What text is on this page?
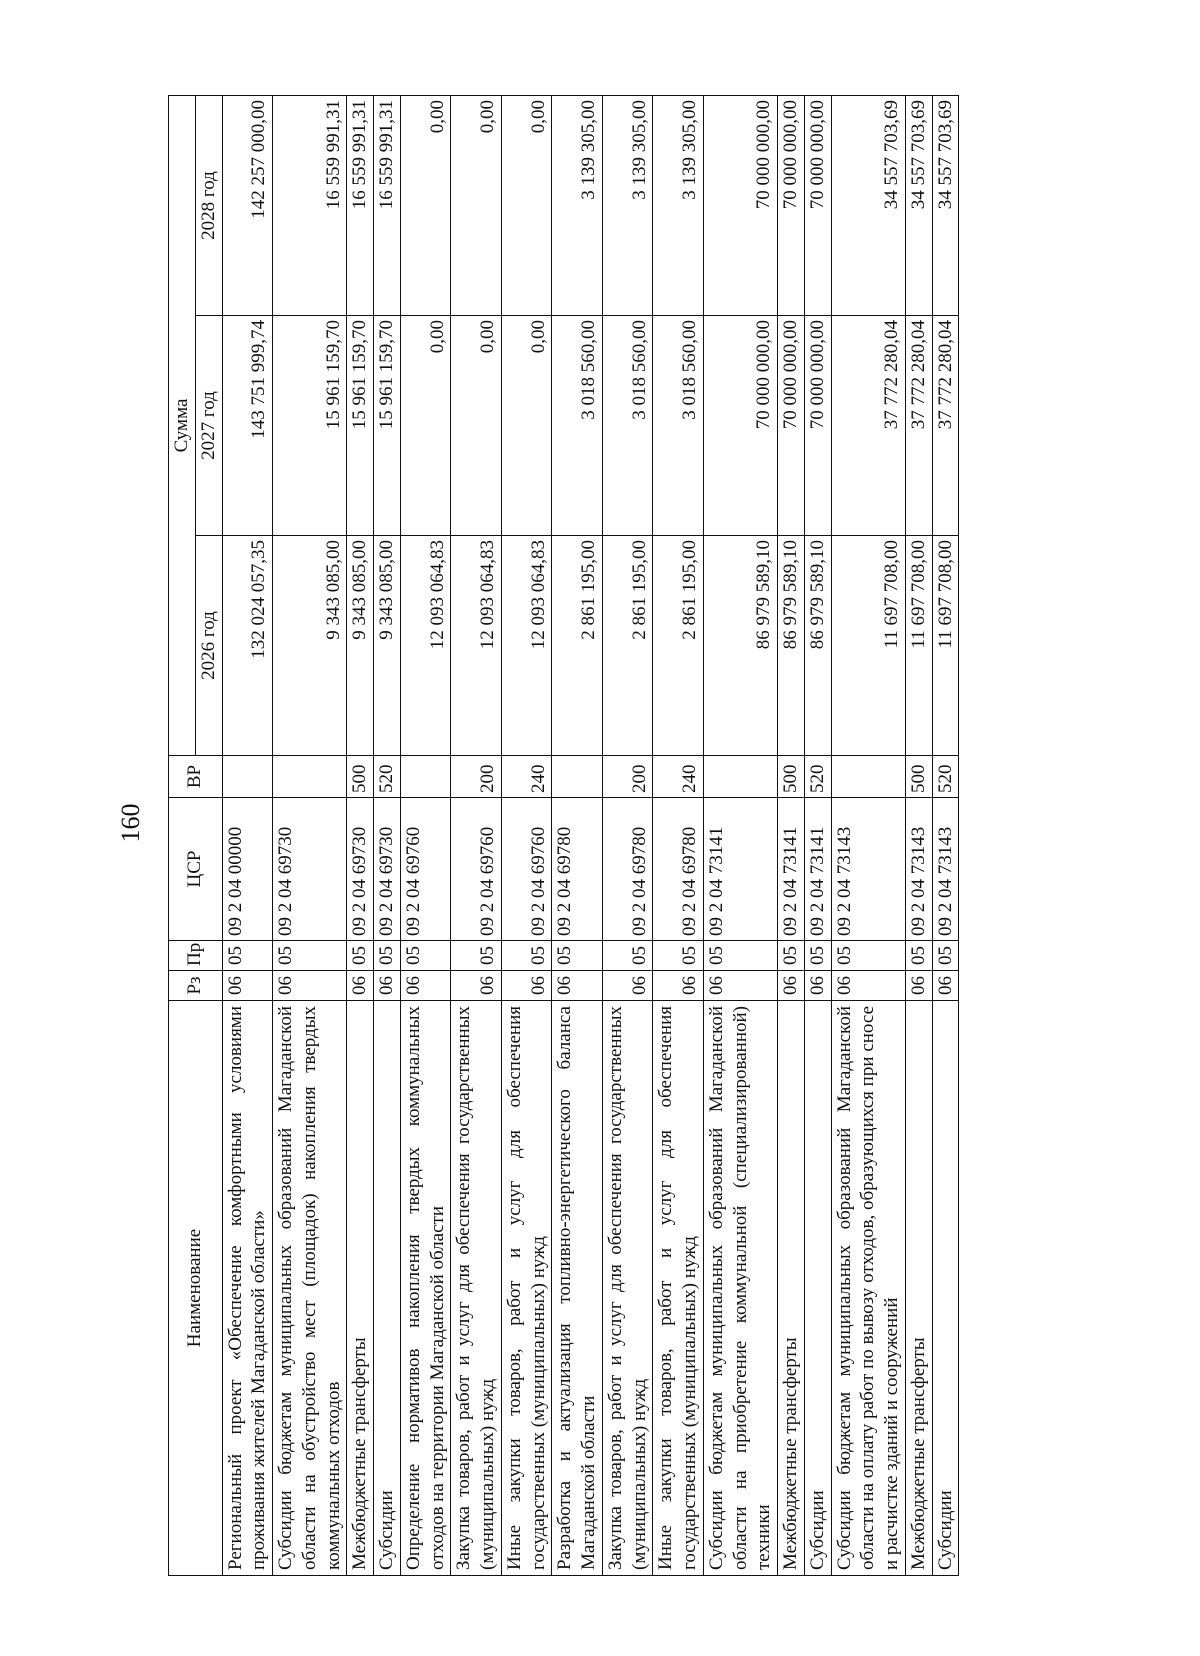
160
Наименование	Рз	Пр	ЦСР	ВР	Сумма		
					2026 год	2027 год	2028 год
Региональный проект «Обеспечение комфортными условиями проживания жителей Магаданской области»	06	05	09 2 04 00000		132 024 057,35	143 751 999,74	142 257 000,00
Субсидии бюджетам муниципальных образований Магаданской области на обустройство мест (площадок) накопления твердых коммунальных отходов	06	05	09 2 04 69730		9 343 085,00	15 961 159,70	16 559 991,31
Межбюджетные трансферты	06	05	09 2 04 69730	500	9 343 085,00	15 961 159,70	16 559 991,31
Субсидии	06	05	09 2 04 69730	520	9 343 085,00	15 961 159,70	16 559 991,31
Определение нормативов накопления твердых коммунальных отходов на территории Магаданской области	06	05	09 2 04 69760		12 093 064,83	0,00	0,00
Закупка товаров, работ и услуг для обеспечения государственных (муниципальных) нужд	06	05	09 2 04 69760	200	12 093 064,83	0,00	0,00
Иные закупки товаров, работ и услуг для обеспечения государственных (муниципальных) нужд	06	05	09 2 04 69760	240	12 093 064,83	0,00	0,00
Разработка и актуализация топливно-энергетического баланса Магаданской области	06	05	09 2 04 69780		2 861 195,00	3 018 560,00	3 139 305,00
Закупка товаров, работ и услуг для обеспечения государственных (муниципальных) нужд	06	05	09 2 04 69780	200	2 861 195,00	3 018 560,00	3 139 305,00
Иные закупки товаров, работ и услуг для обеспечения государственных (муниципальных) нужд	06	05	09 2 04 69780	240	2 861 195,00	3 018 560,00	3 139 305,00
Субсидии бюджетам муниципальных образований Магаданской области на приобретение коммунальной (специализированной) техники	06	05	09 2 04 73141		86 979 589,10	70 000 000,00	70 000 000,00
Межбюджетные трансферты	06	05	09 2 04 73141	500	86 979 589,10	70 000 000,00	70 000 000,00
Субсидии	06	05	09 2 04 73141	520	86 979 589,10	70 000 000,00	70 000 000,00
Субсидии бюджетам муниципальных образований Магаданской области на оплату работ по вывозу отходов, образующихся при сносе и расчистке зданий и сооружений	06	05	09 2 04 73143		11 697 708,00	37 772 280,04	34 557 703,69
Межбюджетные трансферты	06	05	09 2 04 73143	500	11 697 708,00	37 772 280,04	34 557 703,69
Субсидии	06	05	09 2 04 73143	520	11 697 708,00	37 772 280,04	34 557 703,69
